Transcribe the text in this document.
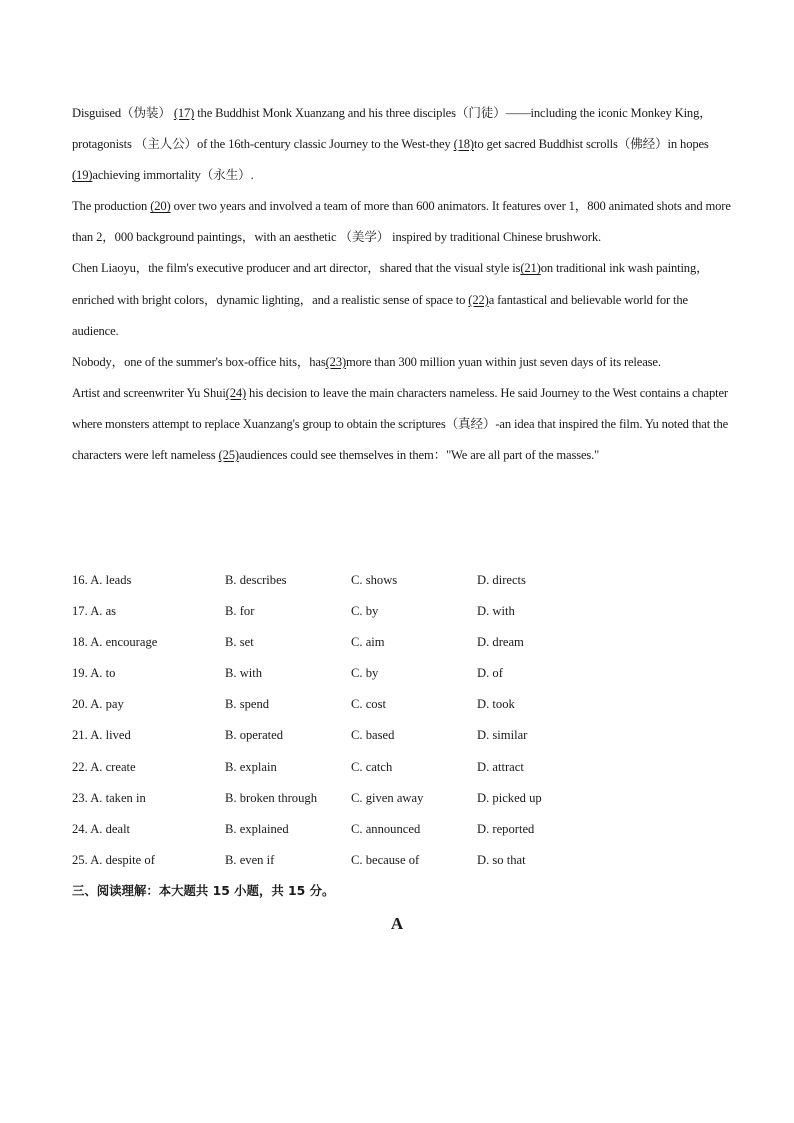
Disguised（伪装） (17) the Buddhist Monk Xuanzang and his three disciples（门徒）——including the iconic Monkey King，protagonists （主人公）of the 16th-century classic Journey to the West-they (18)to get sacred Buddhist scrolls（佛经）in hopes (19)achieving immortality（永生）.

The production (20) over two years and involved a team of more than 600 animators. It features over 1，800 animated shots and more than 2，000 background paintings，with an aesthetic （美学） inspired by traditional Chinese brushwork.

Chen Liaoyu，the film's executive producer and art director，shared that the visual style is(21)on traditional ink wash painting，enriched with bright colors，dynamic lighting，and a realistic sense of space to (22)a fantastical and believable world for the audience.

Nobody，one of the summer's box-office hits，has(23)more than 300 million yuan within just seven days of its release.

Artist and screenwriter Yu Shui(24) his decision to leave the main characters nameless. He said Journey to the West contains a chapter where monsters attempt to replace Xuanzang's group to obtain the scriptures（真经）-an idea that inspired the film. Yu noted that the characters were left nameless (25)audiences could see themselves in them："We are all part of the masses."

16. A. leads	B. describes	C. shows	D. directs
17. A. as	B. for	C. by	D. with
18. A. encourage	B. set	C. aim	D. dream
19. A. to	B. with	C. by	D. of
20. A. pay	B. spend	C. cost	D. took
21. A. lived	B. operated	C. based	D. similar
22. A. create	B. explain	C. catch	D. attract
23. A. taken in	B. broken through	C. given away	D. picked up
24. A. dealt	B. explained	C. announced	D. reported
25. A. despite of	B. even if	C. because of	D. so that
三、阅读理解：本大题共 15 小题，共 15 分。
A
